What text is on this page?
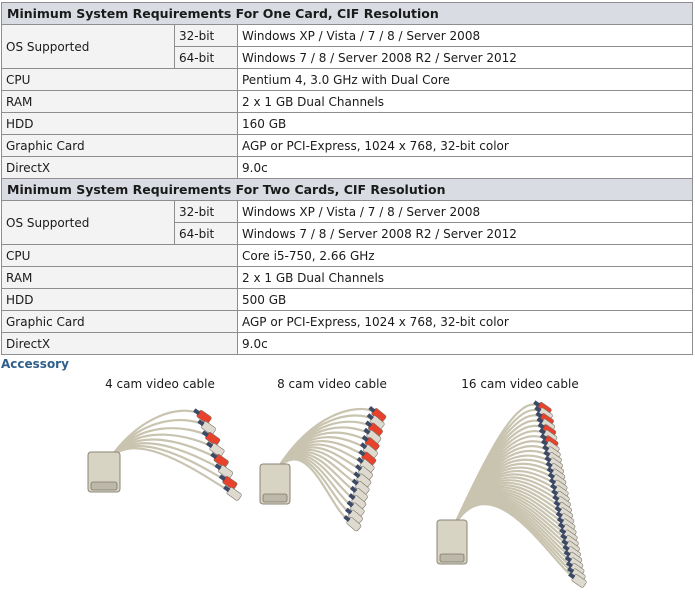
Minimum System Requirements For One Card, CIF Resolution		
OS Supported	32-bit	Windows XP / Vista / 7 / 8 / Server 2008
	64-bit	Windows 7 / 8 / Server 2008 R2 / Server 2012
CPU		Pentium 4, 3.0 GHz with Dual Core
RAM		2 x 1 GB Dual Channels
HDD		160 GB
Graphic Card		AGP or PCI-Express, 1024 x 768, 32-bit color
DirectX		9.0c
Minimum System Requirements For Two Cards, CIF Resolution		
OS Supported	32-bit	Windows XP / Vista / 7 / 8 / Server 2008
	64-bit	Windows 7 / 8 / Server 2008 R2 / Server 2012
CPU		Core i5-750, 2.66 GHz
RAM		2 x 1 GB Dual Channels
HDD		500 GB
Graphic Card		AGP or PCI-Express, 1024 x 768, 32-bit color
DirectX		9.0c
Accessory
4 cam video cable	8 cam video cable	16 cam video cable
